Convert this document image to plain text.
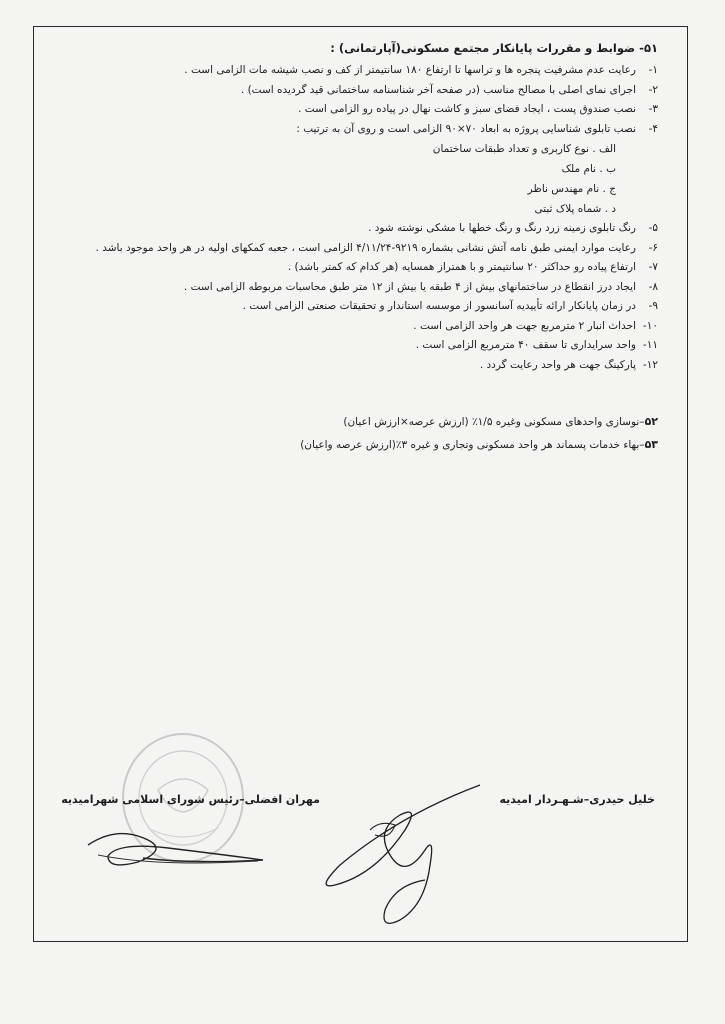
۵۱- ضوابط و مقررات پایانکار مجتمع مسکونی(آپارتمانی) :

۱-رعایت عدم مشرفیت پنجره ها و تراسها تا ارتفاع ۱۸۰ سانتیمتر از کف و نصب شیشه مات الزامی است .

۲-اجرای نمای اصلی با مصالح مناسب (در صفحه آخر شناسنامه ساختمانی قید گردیده است) .

۳-نصب صندوق پست ، ایجاد فضای سبز و کاشت نهال در پیاده رو الزامی است .

۴-نصب تابلوی شناسایی پروژه به ابعاد ۷۰×۹۰ الزامی است و روی آن به ترتیب :

الف . نوع کاربری و تعداد طبقات ساختمان

ب . نام ملک

ج . نام مهندس ناظر

د . شماه پلاک ثبتی

۵-رنگ تابلوی زمینه زرد رنگ و رنگ خطها با مشکی نوشته شود .

۶-رعایت موارد ایمنی طبق نامه آتش نشانی بشماره ۹۲۱۹-۴/۱۱/۲۴ الزامی است ، جعبه کمکهای اولیه در هر واحد موجود باشد .

۷-ارتفاع پیاده رو حداکثر ۲۰ سانتیمتر و با همتراز همسایه (هر کدام که کمتر باشد) .

۸-ایجاد درز انقطاع در ساختمانهای بیش از ۴ طبقه یا بیش از ۱۲ متر طبق محاسبات مربوطه الزامی است .

۹-در زمان پایانکار ارائه تأییدیه آسانسور از موسسه استاندار و تحقیقات صنعتی الزامی است .

۱۰-احداث انبار ۲ مترمربع جهت هر واحد الزامی است .

۱۱-واحد سرایداری تا سقف ۴۰ مترمربع الزامی است .

۱۲-پارکینگ جهت هر واحد رعایت گردد .

۵۲–نوسازی واحدهای مسکونی وغیره ۱/۵٪ (ارزش عرصه×ارزش اعیان)

۵۳–بهاء خدمات پسماند هر واحد مسکونی وتجاری و غیره ۳٪(ارزش عرصه واعیان)

خلیل حیدری–شـهـردار امیدیه
مهران افضلی–رئیس شورای اسلامی شهرامیدیه
